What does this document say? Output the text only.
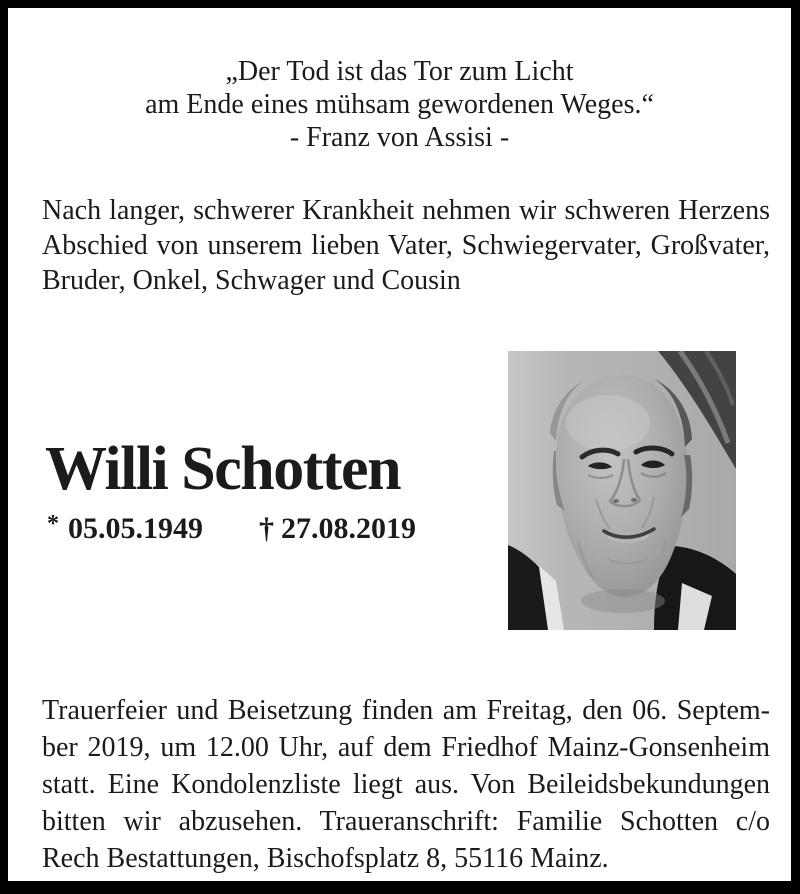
„Der Tod ist das Tor zum Licht
am Ende eines mühsam gewordenen Weges.“
- Franz von Assisi -
Nach langer, schwerer Krankheit nehmen wir schweren Herzens
Abschied von unserem lieben Vater, Schwiegervater, Großvater,
Bruder, Onkel, Schwager und Cousin
Willi Schotten
* 05.05.1949 † 27.08.2019
Trauerfeier und Beisetzung finden am Freitag, den 06. Septem-
ber 2019, um 12.00 Uhr, auf dem Friedhof Mainz-Gonsenheim
statt. Eine Kondolenzliste liegt aus. Von Beileidsbekundungen
bitten wir abzusehen. Traueranschrift: Familie Schotten c/o
Rech Bestattungen, Bischofsplatz 8, 55116 Mainz.
